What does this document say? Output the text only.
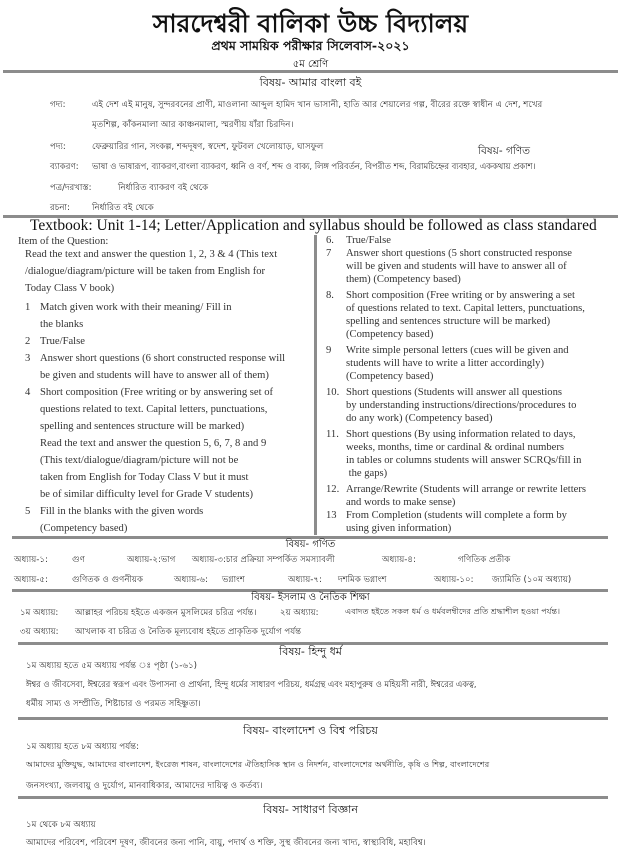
সারদেশ্বরী বালিকা উচ্চ বিদ্যালয়
প্রথম সাময়িক পরীক্ষার সিলেবাস-২০২১
৫ম শ্রেণি
বিষয়- আমার বাংলা বই
গদ্য:	এই দেশ এই মানুষ, সুন্দরবনের প্রাণী, মাওলানা আব্দুল হামিদ খান ভাসানী, হাতি আর শেয়ালের গল্প, বীরের রক্তে স্বাধীন এ দেশ, শখের
মৃতশিল্প, কাঁকনমালা আর কাঞ্চনমালা, স্মরণীয় যাঁরা চিরদিন।
পদ্য:	ফেব্রুয়ারির গান, সংকল্প, শব্দদূষণ, স্বদেশ, ফুটবল খেলোয়াড়, ঘাসফুল	বিষয়- গণিত
ব্যাকরণ: ভাষা ও ভাষারূপ, ব্যাকরণ,বাংলা ব্যাকরণ, ধ্বনি ও বর্ণ, শব্দ ও বাক্য, লিঙ্গ পরিবর্তন, বিপরীত শব্দ, বিরামচিহ্নের ব্যবহার, এককথায় প্রকাশ।
পত্র/দরখাস্ত:	নির্ধারিত ব্যাকরণ বই থেকে
রচনা:	নির্ধারিত বই থেকে
Textbook: Unit 1-14; Letter/Application and syllabus should be followed as class standared
Item of the Question:
Read the text and answer the question 1, 2, 3 & 4 (This text
/dialogue/diagram/picture will be taken from English for
Today Class V book)
1 Match given work with their meaning/ Fill in
the blanks
2 True/False
3 Answer short questions (6 short constructed response will
be given and students will have to answer all of them)
4 Short composition (Free writing or by answering set of
questions related to text. Capital letters, punctuations,
spelling and sentences structure will be marked)
Read the text and answer the question 5, 6, 7, 8 and 9
(This text/dialogue/diagram/picture will not be
taken from English for Today Class V but it must
be of similar difficulty level for Grade V students)
5 Fill in the blanks with the given words
(Competency based)
6. True/False
7 Answer short questions (5 short constructed response
will be given and students will have to answer all of
them) (Competency based)
8. Short composition (Free writing or by answering a set
of questions related to text. Capital letters, punctuations,
spelling and sentences structure will be marked)
(Competency based)
9 Write simple personal letters (cues will be given and
students will have to write a litter accordingly)
(Competency based)
10. Short questions (Students will answer all questions
by understanding instructions/directions/procedures to
do any work) (Competency based)
11. Short questions (By using information related to days,
weeks, months, time or cardinal & ordinal numbers
in tables or columns students will answer SCRQs/fill in
the gaps)
12. Arrange/Rewrite (Students will arrange or rewrite letters
and words to make sense)
13 From Completion (students will complete a form by
using given information)
বিষয়- গণিত
অধ্যায়-১:	গুণ	অধ্যায়-২:ভাগ অধ্যায়-৩:চার প্রক্রিয়া সম্পর্কিত সমস্যাবলী	অধ্যায়-৪:	গণিতিক প্রতীক
অধ্যায়-৫:	গুণিতক ও গুণনীয়ক	অধ্যায়-৬: ভগ্নাংশ	অধ্যায়-৭: দশমিক ভগ্নাংশ	অধ্যায়-১০: জ্যামিতি (১০ম অধ্যায়)
বিষয়- ইসলাম ও নৈতিক শিক্ষা
১ম অধ্যায়: আল্লাহর পরিচয় হইতে একজন মুসলিমের চরিত্র পর্যন্ত।	২য় অধ্যায়:	এবাদত হইতে সকল ধর্ম ও ধর্মবলম্বীদের প্রতি শ্রদ্ধাশীল হওয়া পর্যন্ত।
৩য় অধ্যায়: আখলাক বা চরিত্র ও নৈতিক মূল্যবোধ হইতে প্রাকৃতিক দুর্যোগ পর্যন্ত
বিষয়- হিন্দু ধর্ম
১ম অধ্যায় হতে ৫ম অধ্যায় পর্যন্ত ঃ পৃষ্ঠা (১-৬১)
ঈশ্বর ও জীবসেবা, ঈশ্বরের স্বরূপ এবং উপাসনা ও প্রার্থনা, হিন্দু ধর্মের সাধারণ পরিচয়, ধর্মগ্রন্থ এবং মহাপুরুষ ও মহিয়সী নারী, ঈশ্বরের একত্ব,
ধর্মীয় সাম্য ও সম্প্রীতি, শিষ্টাচার ও পরমত সহিষ্ণুতা।
বিষয়- বাংলাদেশ ও বিশ্ব পরিচয়
১ম অধ্যায় হতে ৮ম অধ্যায় পর্যন্ত:
আমাদের মুক্তিযুদ্ধ, আমাদের বাংলাদেশ, ইংরেজ শাষন, বাংলাদেশের ঐতিহাসিক স্থান ও নিদর্শন, বাংলাদেশের অর্থনীতি, কৃষি ও শিল্প, বাংলাদেশের
জনসংখ্যা, জলবায়ু ও দুর্যোগ, মানবাধিকার, আমাদের দায়িত্ব ও কর্তব্য।
বিষয়- সাধারণ বিজ্ঞান
১ম থেকে ৮ম অধ্যায়
আমাদের পরিবেশ, পরিবেশ দূষণ, জীবনের জন্য পানি, বায়ু, পদার্থ ও শক্তি, সুস্থ জীবনের জন্য খাদ্য, স্বাস্থ্যবিধি, মহাবিশ্ব।
